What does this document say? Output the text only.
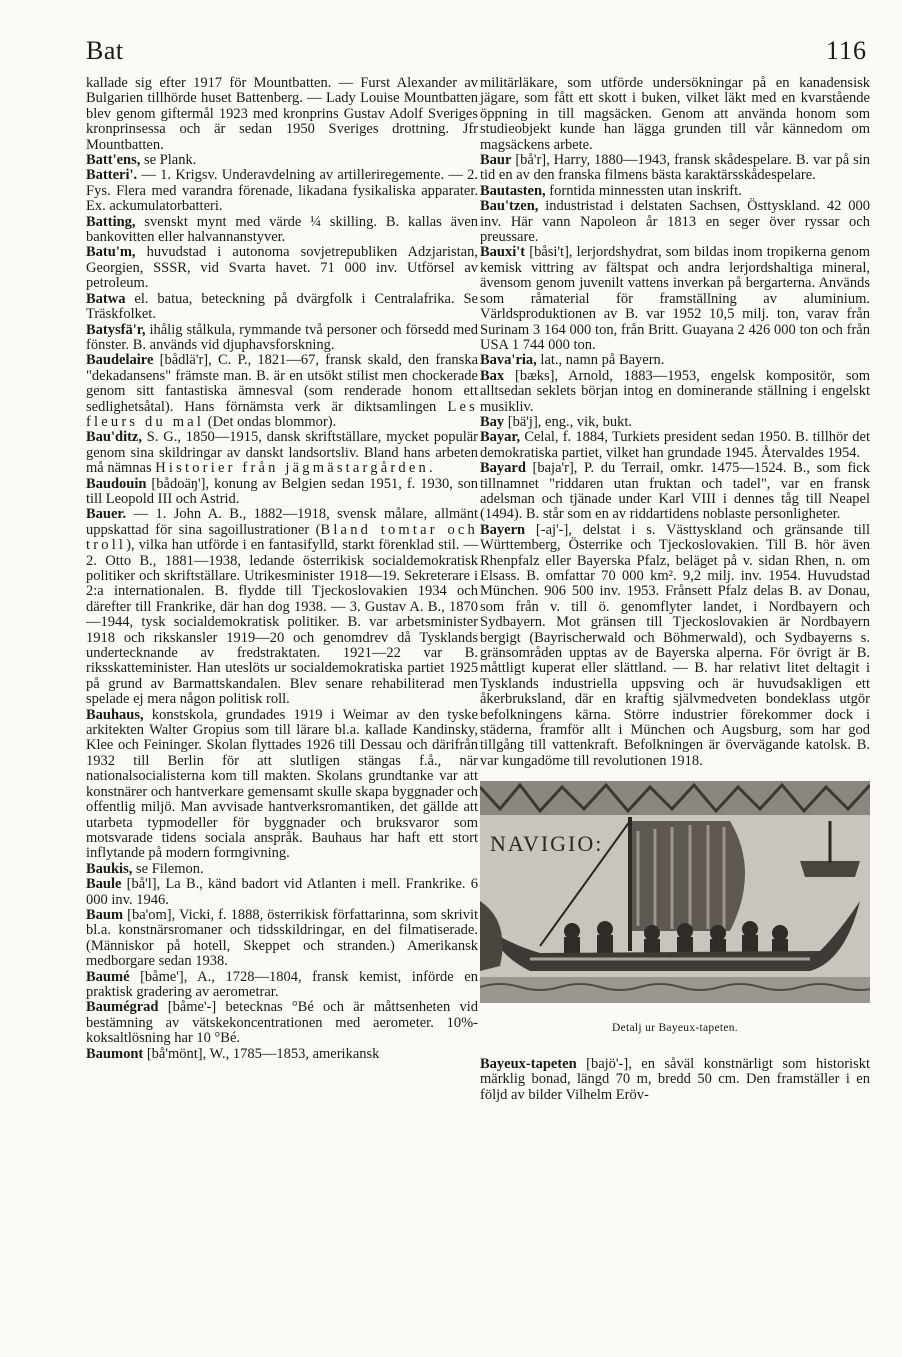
Bat	116

kallade sig efter 1917 för Mountbatten. — Furst Alexander av Bulgarien tillhörde huset Battenberg. — Lady Louise Mountbatten blev genom giftermål 1923 med kronprins Gustav Adolf Sveriges kronprinsessa och är sedan 1950 Sveriges drottning. Jfr Mountbatten.

Batt'ens, se Plank.

Batteri'. — 1. Krigsv. Underavdelning av artilleriregemente. — 2. Fys. Flera med varandra förenade, likadana fysikaliska apparater. Ex. ackumulatorbatteri.

Batting, svenskt mynt med värde ¼ skilling. B. kallas även bankovitten eller halvannanstyver.

Batu'm, huvudstad i autonoma sovjetrepubliken Adzjaristan, Georgien, SSSR, vid Svarta havet. 71 000 inv. Utförsel av petroleum.

Batwa el. batua, beteckning på dvärgfolk i Centralafrika. Se Träskfolket.

Batysfä'r, ihålig stålkula, rymmande två personer och försedd med fönster. B. används vid djuphavsforskning.

Baudelaire [bådlä'r], C. P., 1821—67, fransk skald, den franska "dekadansens" främste man. B. är en utsökt stilist men chockerade genom sitt fantastiska ämnesval (som renderade honom ett sedlighetsåtal). Hans förnämsta verk är diktsamlingen Les fleurs du mal (Det ondas blommor).

Bau'ditz, S. G., 1850—1915, dansk skriftställare, mycket populär genom sina skildringar av danskt landsortsliv. Bland hans arbeten må nämnas Historier från jägmästargården.

Baudouin [bådoäŋ'], konung av Belgien sedan 1951, f. 1930, son till Leopold III och Astrid.

Bauer. — 1. John A. B., 1882—1918, svensk målare, allmänt uppskattad för sina sagoillustrationer (Bland tomtar och troll), vilka han utförde i en fantasifylld, starkt förenklad stil. — 2. Otto B., 1881—1938, ledande österrikisk socialdemokratisk politiker och skriftställare. Utrikesminister 1918—19. Sekreterare i 2:a internationalen. B. flydde till Tjeckoslovakien 1934 och därefter till Frankrike, där han dog 1938. — 3. Gustav A. B., 1870—1944, tysk socialdemokratisk politiker. B. var arbetsminister 1918 och rikskansler 1919—20 och genomdrev då Tysklands undertecknande av fredstraktaten. 1921—22 var B. riksskatteminister. Han uteslöts ur socialdemokratiska partiet 1925 på grund av Barmattskandalen. Blev senare rehabiliterad men spelade ej mera någon politisk roll.

Bauhaus, konstskola, grundades 1919 i Weimar av den tyske arkitekten Walter Gropius som till lärare bl.a. kallade Kandinsky, Klee och Feininger. Skolan flyttades 1926 till Dessau och därifrån 1932 till Berlin för att slutligen stängas f.å., när nationalsocialisterna kom till makten. Skolans grundtanke var att konstnärer och hantverkare gemensamt skulle skapa byggnader och offentlig miljö. Man avvisade hantverksromantiken, det gällde att utarbeta typmodeller för byggnader och bruksvaror som motsvarade tidens sociala anspråk. Bauhaus har haft ett stort inflytande på modern formgivning.

Baukis, se Filemon.

Baule [bå'l], La B., känd badort vid Atlanten i mell. Frankrike. 6 000 inv. 1946.

Baum [ba'om], Vicki, f. 1888, österrikisk författarinna, som skrivit bl.a. konstnärsromaner och tidsskildringar, en del filmatiserade. (Människor på hotell, Skeppet och stranden.) Amerikansk medborgare sedan 1938.

Baumé [båme'], A., 1728—1804, fransk kemist, införde en praktisk gradering av aerometrar.

Baumégrad [båme'-] betecknas °Bé och är måttsenheten vid bestämning av vätskekoncentrationen med aerometer. 10%-koksaltlösning har 10 °Bé.

Baumont [bå'mönt], W., 1785—1853, amerikansk

militärläkare, som utförde undersökningar på en kanadensisk jägare, som fått ett skott i buken, vilket läkt med en kvarstående öppning in till magsäcken. Genom att använda honom som studieobjekt kunde han lägga grunden till vår kännedom om magsäckens arbete.

Baur [bå'r], Harry, 1880—1943, fransk skådespelare. B. var på sin tid en av den franska filmens bästa karaktärsskådespelare.

Bautasten, forntida minnessten utan inskrift.

Bau'tzen, industristad i delstaten Sachsen, Östtyskland. 42 000 inv. Här vann Napoleon år 1813 en seger över ryssar och preussare.

Bauxi't [båsi't], lerjordshydrat, som bildas inom tropikerna genom kemisk vittring av fältspat och andra lerjordshaltiga mineral, ävensom genom juvenilt vattens inverkan på bergarterna. Används som råmaterial för framställning av aluminium. Världsproduktionen av B. var 1952 10,5 milj. ton, varav från Surinam 3 164 000 ton, från Britt. Guayana 2 426 000 ton och från USA 1 744 000 ton.

Bava'ria, lat., namn på Bayern.

Bax [bæks], Arnold, 1883—1953, engelsk kompositör, som alltsedan seklets början intog en dominerande ställning i engelskt musikliv.

Bay [bä'j], eng., vik, bukt.

Bayar, Celal, f. 1884, Turkiets president sedan 1950. B. tillhör det demokratiska partiet, vilket han grundade 1945. Återvaldes 1954.

Bayard [baja'r], P. du Terrail, omkr. 1475—1524. B., som fick tillnamnet "riddaren utan fruktan och tadel", var en fransk adelsman och tjänade under Karl VIII i dennes tåg till Neapel (1494). B. står som en av riddartidens noblaste personligheter.

Bayern [-aj'-], delstat i s. Västtyskland och gränsande till Württemberg, Österrike och Tjeckoslovakien. Till B. hör även Rhenpfalz eller Bayerska Pfalz, beläget på v. sidan Rhen, n. om Elsass. B. omfattar 70 000 km². 9,2 milj. inv. 1954. Huvudstad München. 906 500 inv. 1953. Frånsett Pfalz delas B. av Donau, som från v. till ö. genomflyter landet, i Nordbayern och Sydbayern. Mot gränsen till Tjeckoslovakien är Nordbayern bergigt (Bayrischerwald och Böhmerwald), och Sydbayerns s. gränsområden upptas av de Bayerska alperna. För övrigt är B. måttligt kuperat eller slättland. — B. har relativt litet deltagit i Tysklands industriella uppsving och är huvudsakligen ett åkerbruksland, där en kraftig självmedveten bondeklass utgör befolkningens kärna. Större industrier förekommer dock i städerna, framför allt i München och Augsburg, som har god tillgång till vattenkraft. Befolkningen är övervägande katolsk. B. var kungadöme till revolutionen 1918.

NAVIGIO:
Detalj ur Bayeux-tapeten.

Bayeux-tapeten [bajö'-], en såväl konstnärligt som historiskt märklig bonad, längd 70 m, bredd 50 cm. Den framställer i en följd av bilder Vilhelm Eröv-
